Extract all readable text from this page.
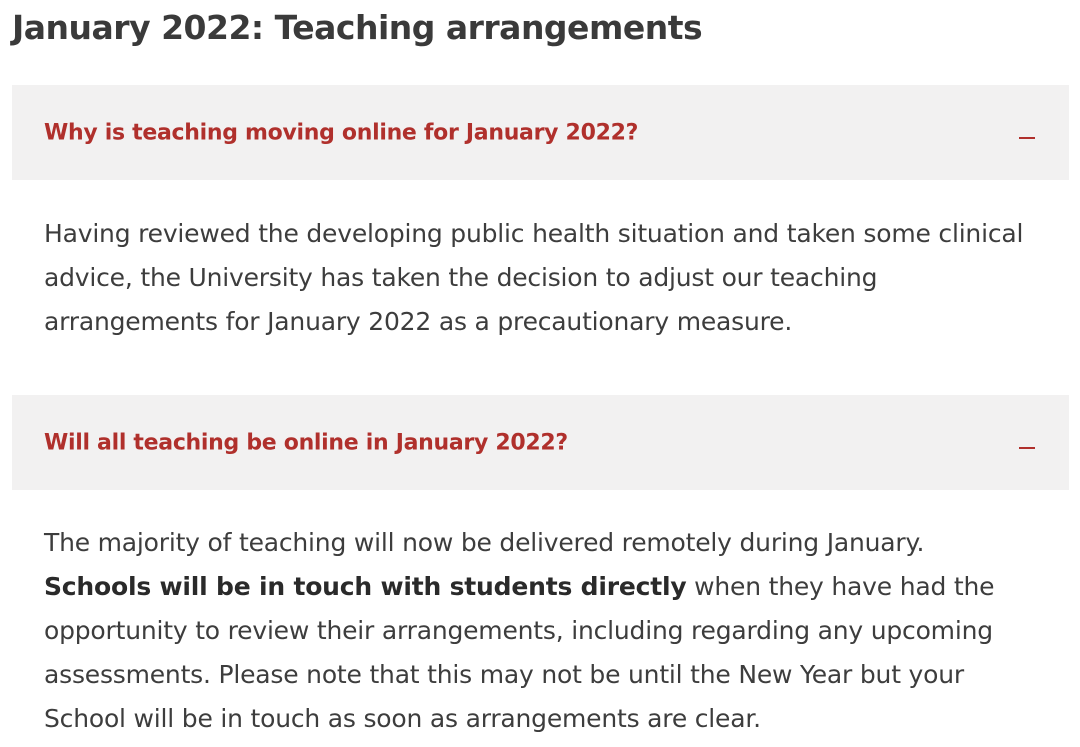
January 2022: Teaching arrangements
Why is teaching moving online for January 2022?

Having reviewed the developing public health situation and taken some clinical advice, the University has taken the decision to adjust our teaching arrangements for January 2022 as a precautionary measure.

Will all teaching be online in January 2022?

The majority of teaching will now be delivered remotely during January. Schools will be in touch with students directly when they have had the opportunity to review their arrangements, including regarding any upcoming assessments. Please note that this may not be until the New Year but your School will be in touch as soon as arrangements are clear.
